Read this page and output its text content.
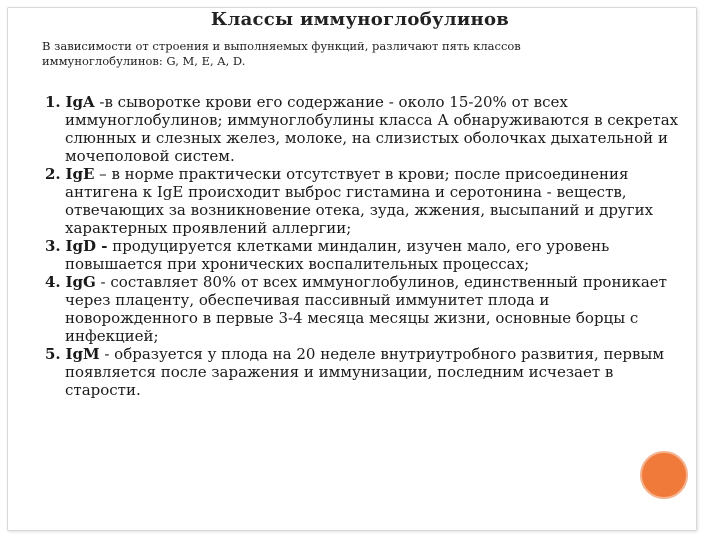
Классы иммуноглобулинов
В зависимости от строения и выполняемых функций, различают пять классов иммуноглобулинов: G, M, E, A, D.
1. IgA -в сыворотке крови его содержание - около 15-20% от всех иммуноглобулинов; иммуноглобулины класса А обнаруживаются в секретах слюнных и слезных желез, молоке, на слизистых оболочках дыхательной и мочеполовой систем.
2. IgE – в норме практически отсутствует в крови; после присоединения антигена к IgE происходит выброс гистамина и серотонина - веществ, отвечающих за возникновение отека, зуда, жжения, высыпаний и других характерных проявлений аллергии;
3. IgD - продуцируется клетками миндалин, изучен мало, его уровень повышается при хронических воспалительных процессах;
4. IgG - составляет 80% от всех иммуноглобулинов, единственный проникает через плаценту, обеспечивая пассивный иммунитет плода и новорожденного в первые 3-4 месяца месяцы жизни, основные борцы с инфекцией;
5. IgM - образуется у плода на 20 неделе внутриутробного развития, первым появляется после заражения и иммунизации, последним исчезает в старости.
